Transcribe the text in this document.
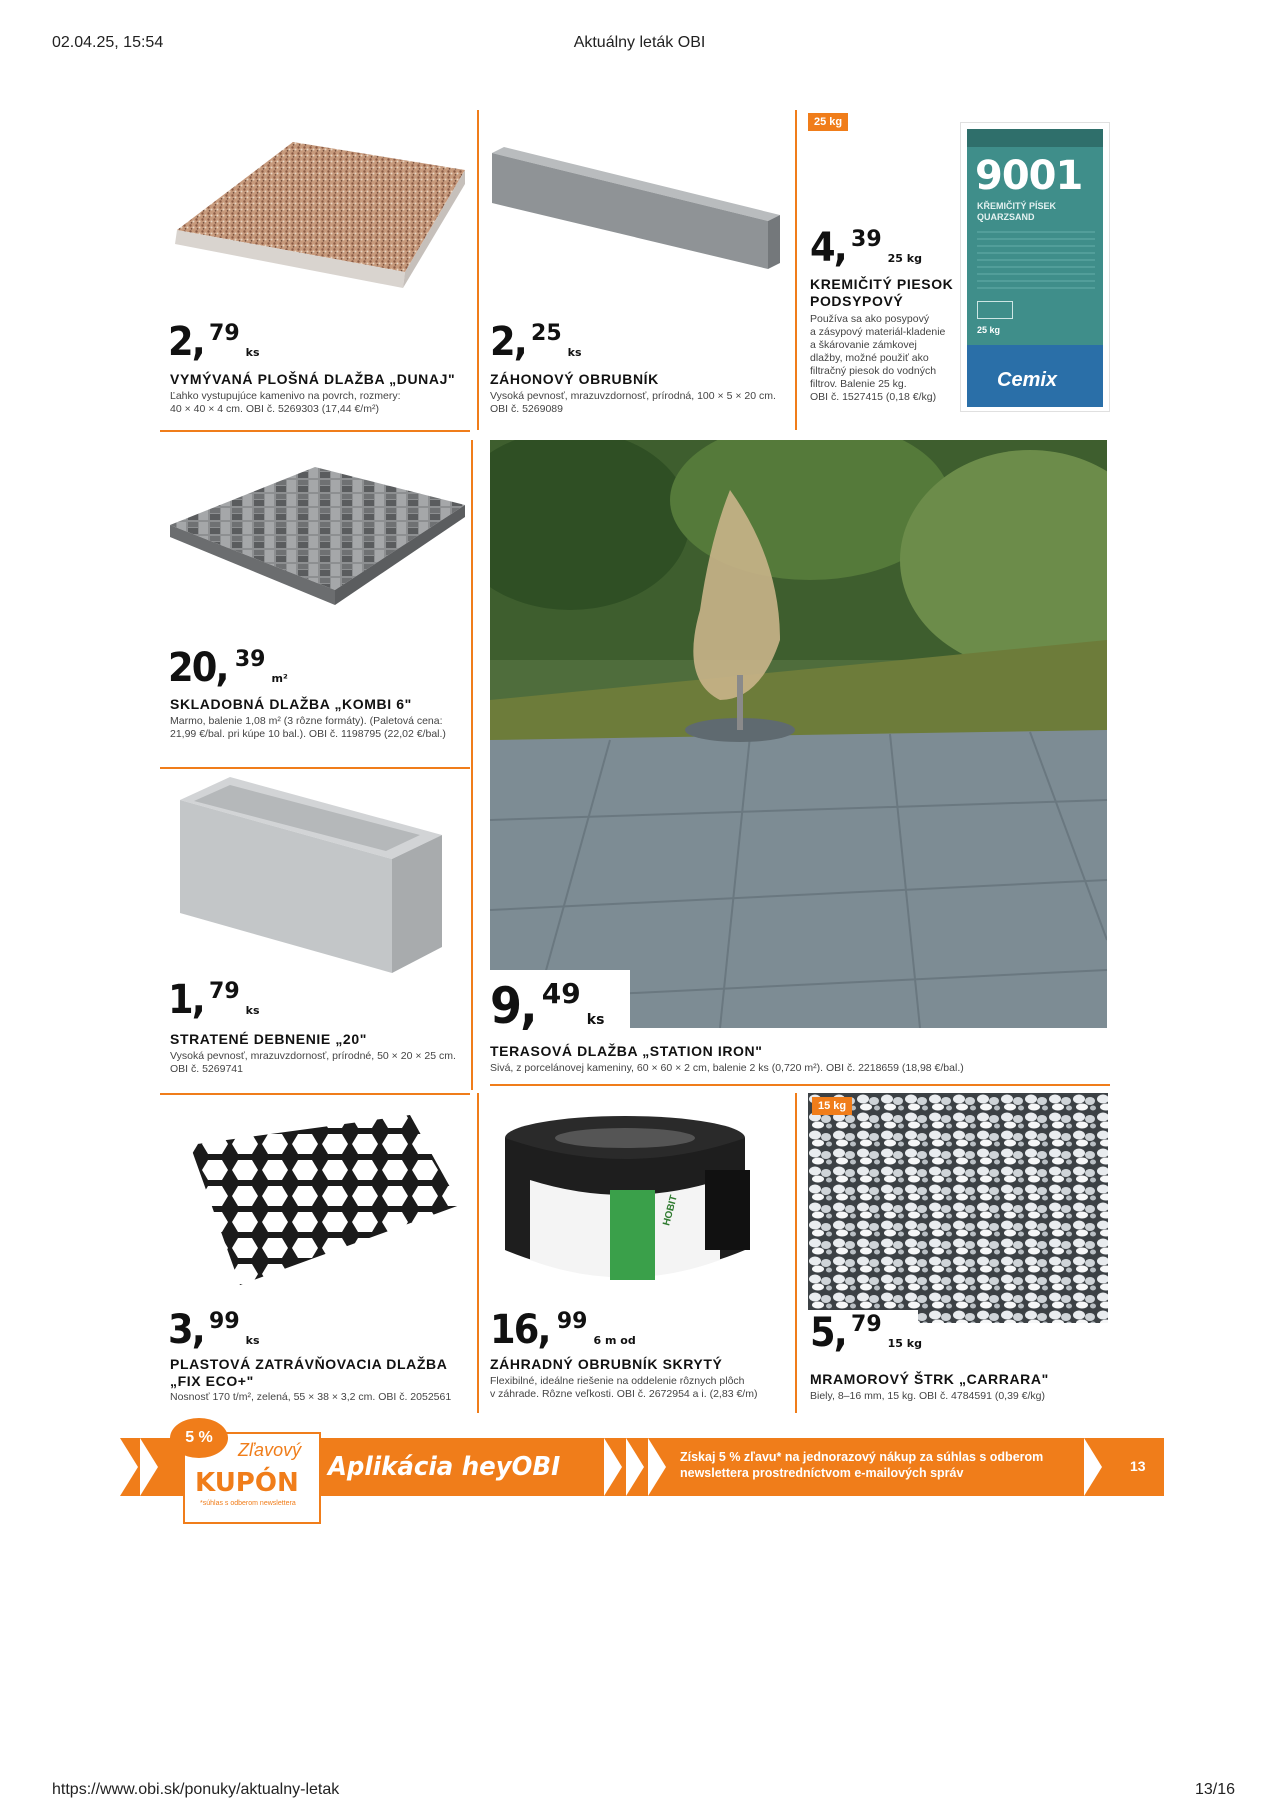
02.04.25, 15:54	Aktuálny leták OBI
https://www.obi.sk/ponuky/aktualny-letak	13/16
2, 79
ks
VYMÝVANÁ PLOŠNÁ DLAŽBA „DUNAJ"
Ľahko vystupujúce kamenivo na povrch, rozmery:
40 × 40 × 4 cm. OBI č. 5269303 (17,44 €/m²)
2, 25
ks
ZÁHONOVÝ OBRUBNÍK
Vysoká pevnosť, mrazuvzdornosť, prírodná, 100 × 5 × 20 cm.
OBI č. 5269089
25 kg
4, 39
25 kg
KREMIČITÝ PIESOK
PODSYPOVÝ
Používa sa ako posypový
a zásypový materiál-kladenie
a škárovanie zámkovej
dlažby, možné použiť ako
filtračný piesok do vodných
filtrov. Balenie 25 kg.
OBI č. 1527415 (0,18 €/kg)
9001
KŘEMIČITÝ PÍSEK
QUARZSAND
25 kg
Cemix
20, 39
m²
SKLADOBNÁ DLAŽBA „KOMBI 6"
Marmo, balenie 1,08 m² (3 rôzne formáty). (Paletová cena:
21,99 €/bal. pri kúpe 10 bal.). OBI č. 1198795 (22,02 €/bal.)
1, 79
ks
STRATENÉ DEBNENIE „20"
Vysoká pevnosť, mrazuvzdornosť, prírodné, 50 × 20 × 25 cm.
OBI č. 5269741
9, 49
ks
TERASOVÁ DLAŽBA „STATION IRON"
Sivá, z porcelánovej kameniny, 60 × 60 × 2 cm, balenie 2 ks (0,720 m²). OBI č. 2218659 (18,98 €/bal.)
3, 99
ks
PLASTOVÁ ZATRÁVŇOVACIA DLAŽBA
„FIX ECO+"
Nosnosť 170 t/m², zelená, 55 × 38 × 3,2 cm. OBI č. 2052561
HOBIT
16, 99
6 m od
ZÁHRADNÝ OBRUBNÍK SKRYTÝ
Flexibilné, ideálne riešenie na oddelenie rôznych plôch
v záhrade. Rôzne veľkosti. OBI č. 2672954 a i. (2,83 €/m)
15 kg
5, 79
15 kg
MRAMOROVÝ ŠTRK „CARRARA"
Biely, 8–16 mm, 15 kg. OBI č. 4784591 (0,39 €/kg)
5 %
Zľavový
KUPÓN
*súhlas s odberom newslettera
Aplikácia heyOBI	Získaj 5 % zľavu* na jednorazový nákup za súhlas s odberom
newslettera prostredníctvom e-mailových správ	13
